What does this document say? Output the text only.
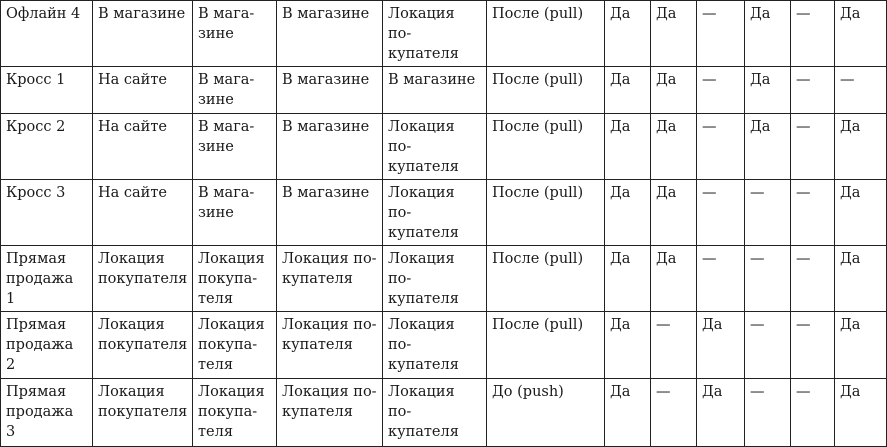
Офлайн 4	В магазине	В мага-
зине	В магазине	Локация по-
купателя	После (pull)	Да	Да	—	Да	—	Да
Кросс 1	На сайте	В мага-
зине	В магазине	В магазине	После (pull)	Да	Да	—	Да	—	—
Кросс 2	На сайте	В мага-
зине	В магазине	Локация по-
купателя	После (pull)	Да	Да	—	Да	—	Да
Кросс 3	На сайте	В мага-
зине	В магазине	Локация по-
купателя	После (pull)	Да	Да	—	—	—	Да
Прямая
продажа 1	Локация
покупателя	Локация
покупа-
теля	Локация по-
купателя	Локация по-
купателя	После (pull)	Да	Да	—	—	—	Да
Прямая
продажа 2	Локация
покупателя	Локация
покупа-
теля	Локация по-
купателя	Локация по-
купателя	После (pull)	Да	—	Да	—	—	Да
Прямая
продажа 3	Локация
покупателя	Локация
покупа-
теля	Локация по-
купателя	Локация по-
купателя	До (push)	Да	—	Да	—	—	Да
